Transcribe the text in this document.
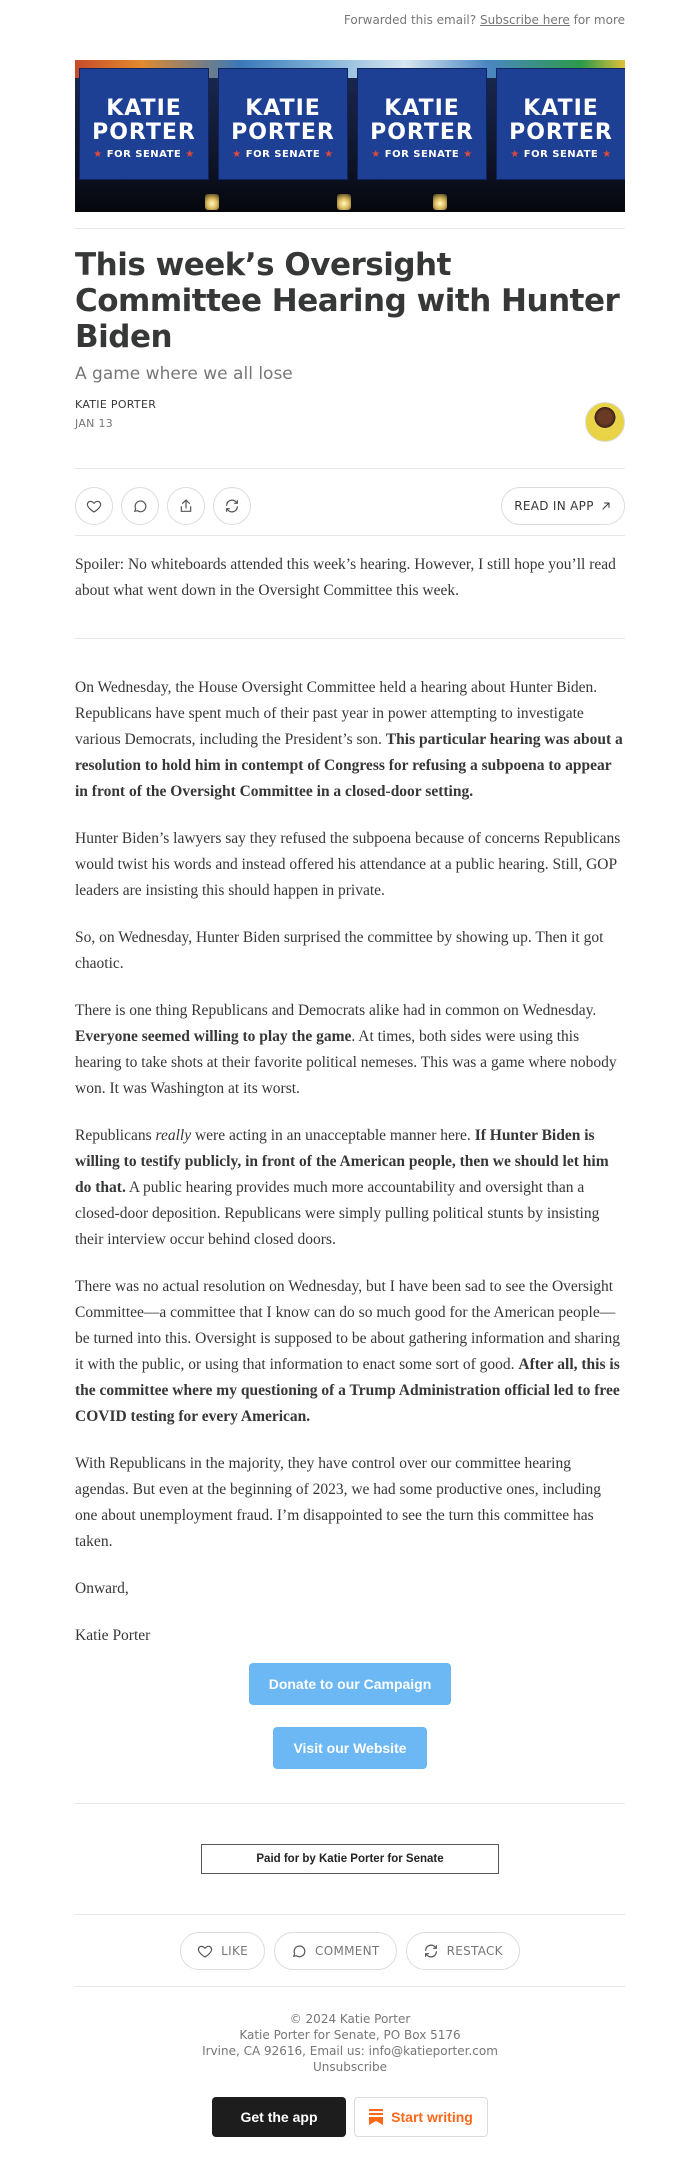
Forwarded this email? Subscribe here for more
KATIE
PORTER
★ FOR SENATE ★
KATIE
PORTER
★ FOR SENATE ★
KATIE
PORTER
★ FOR SENATE ★
KATIE
PORTER
★ FOR SENATE ★
This week’s Oversight Committee Hearing with Hunter Biden
A game where we all lose
KATIE PORTER
JAN 13
READ IN APP

Spoiler: No whiteboards attended this week’s hearing. However, I still hope you’ll read about what went down in the Oversight Committee this week.

On Wednesday, the House Oversight Committee held a hearing about Hunter Biden. Republicans have spent much of their past year in power attempting to investigate various Democrats, including the President’s son. This particular hearing was about a resolution to hold him in contempt of Congress for refusing a subpoena to appear in front of the Oversight Committee in a closed-door setting.

Hunter Biden’s lawyers say they refused the subpoena because of concerns Republicans would twist his words and instead offered his attendance at a public hearing. Still, GOP leaders are insisting this should happen in private.

So, on Wednesday, Hunter Biden surprised the committee by showing up. Then it got chaotic.

There is one thing Republicans and Democrats alike had in common on Wednesday. Everyone seemed willing to play the game. At times, both sides were using this hearing to take shots at their favorite political nemeses. This was a game where nobody won. It was Washington at its worst.

Republicans really were acting in an unacceptable manner here. If Hunter Biden is willing to testify publicly, in front of the American people, then we should let him do that. A public hearing provides much more accountability and oversight than a closed-door deposition. Republicans were simply pulling political stunts by insisting their interview occur behind closed doors.

There was no actual resolution on Wednesday, but I have been sad to see the Oversight Committee—a committee that I know can do so much good for the American people—be turned into this. Oversight is supposed to be about gathering information and sharing it with the public, or using that information to enact some sort of good. After all, this is the committee where my questioning of a Trump Administration official led to free COVID testing for every American.

With Republicans in the majority, they have control over our committee hearing agendas. But even at the beginning of 2023, we had some productive ones, including one about unemployment fraud. I’m disappointed to see the turn this committee has taken.

Onward,

Katie Porter

Donate to our Campaign
Visit our Website
Paid for by Katie Porter for Senate
LIKE	COMMENT	RESTACK
© 2024 Katie Porter
Katie Porter for Senate, PO Box 5176
Irvine, CA 92616, Email us: info@katieporter.com
Unsubscribe
Get the app	Start writing
